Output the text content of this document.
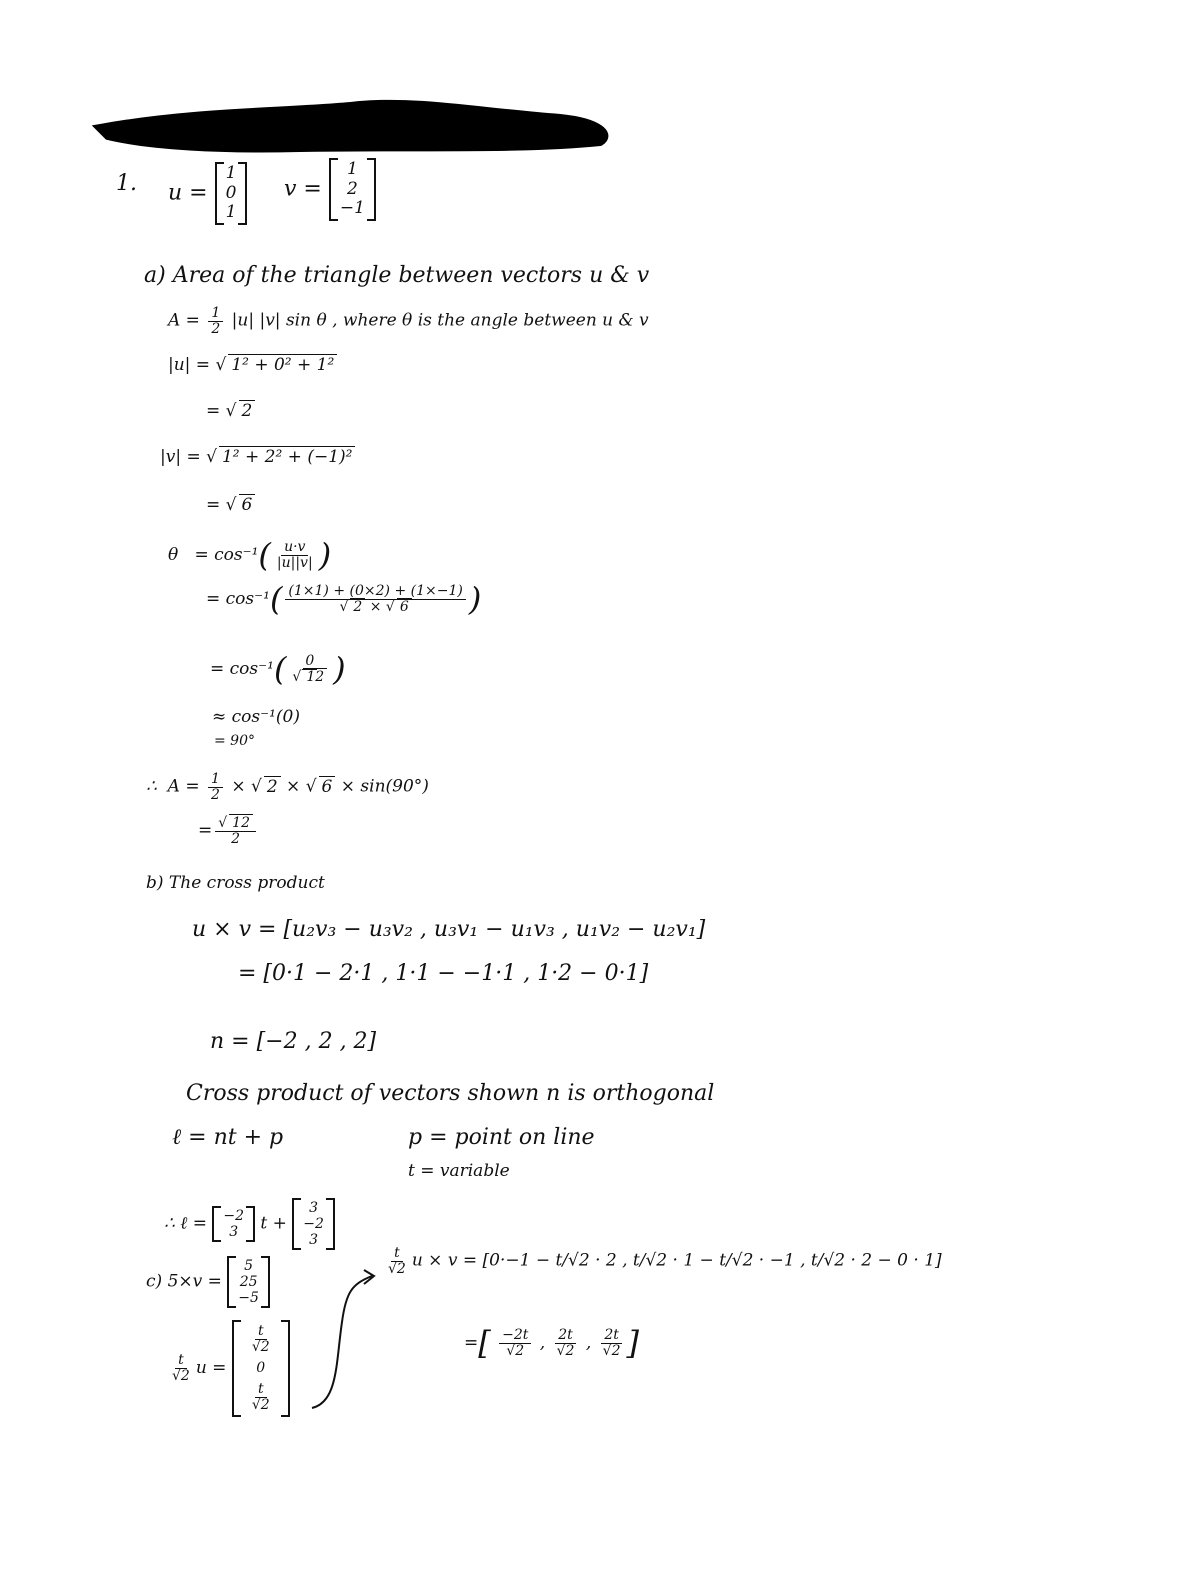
1. u =
1
0
1
v =
1
2
−1
a) Area of the triangle between vectors u & v
$A = \frac{1}{2} |u|$ |v| sin θ , where θ is the angle between u & v
|u| = √ 1² + 0² + 1²
= √ 2
|v| = √ 1² + 2² + (−1)²
= √ 6
$\theta = \cos^{-1}( \frac{u\cdot v}{|u||v|}$ )
= $\cos^{-1}( \frac{(1\times 1) + (0\times 2) + (1\times-1)}{√ 2 \times √ 6}$ )
= $\cos^{-1}( \frac{0}{√ 12}$ )
≈ cos⁻¹(0)
= 90°
∴ $A = \frac{1}{2}$ × √ 2 × √ 6 × sin(90°)
= $\frac{√ 12}{2}$
b) The cross product
u × v = [u₂v₃ − u₃v₂ , u₃v₁ − u₁v₃ , u₁v₂ − u₂v₁]
= [0·1 − 2·1 , 1·1 − −1·1 , 1·2 − 0·1]
n = [−2 , 2 , 2]
Cross product of vectors shown n is orthogonal
ℓ = nt + p	p = point on line
t = variable
∴ ℓ = −2
3 t +
3
−2
3
c) 5×v =
5
25
−5
$\frac{t}{√2}$ u =
$\frac{t}{√2}$
0
$\frac{t}{√2}$
$\frac{t}{√2}$ u × v = [0·−1 − t/√2 · 2 , t/√2 · 1 − t/√2 · −1 , t/√2 · 2 − 0 · 1]
=[ $\frac{-2t}{√2}$ , $\frac{2t}{√2}$ , $\frac{2t}{√2}$ ]
